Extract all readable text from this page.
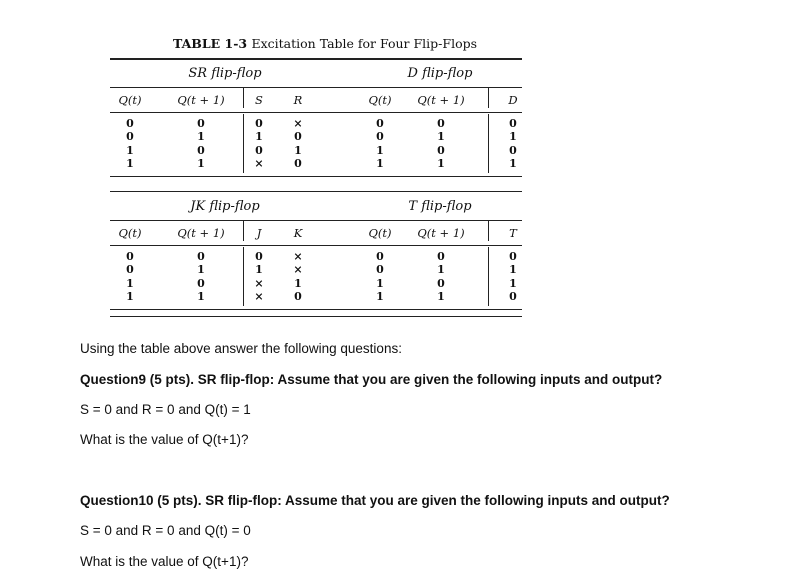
TABLE 1-3 Excitation Table for Four Flip-Flops
SR flip-flop	D flip-flop
JK flip-flop	T flip-flop
Q(t)	Q(t + 1)	S	R
0	0	0	×
0	1	1	0
1	0	0	1
1	1	×	0
Q(t)	Q(t + 1)	D
0	0	0
0	1	1
1	0	0
1	1	1
Q(t)	Q(t + 1)	J	K
0	0	0	×
0	1	1	×
1	0	×	1
1	1	×	0
Q(t)	Q(t + 1)	T
0	0	0
0	1	1
1	0	1
1	1	0
Using the table above answer the following questions:
Question9 (5 pts). SR flip-flop: Assume that you are given the following inputs and output?
S = 0 and R = 0 and Q(t) = 1
What is the value of Q(t+1)?
Question10 (5 pts). SR flip-flop: Assume that you are given the following inputs and output?
S = 0 and R = 0 and Q(t) = 0
What is the value of Q(t+1)?
